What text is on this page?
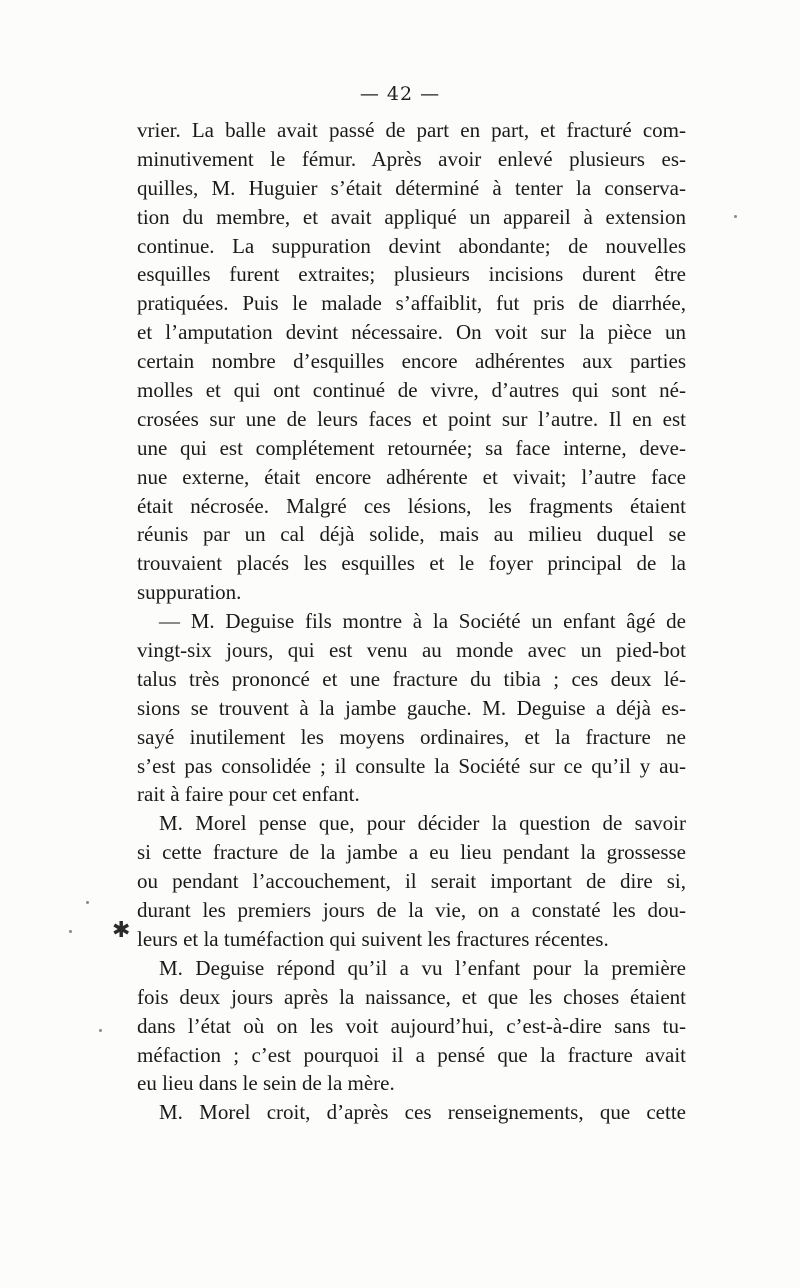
— 42 —
vrier. La balle avait passé de part en part, et fracturé com-
minutivement le fémur. Après avoir enlevé plusieurs es-
quilles, M. Huguier s’était déterminé à tenter la conserva-
tion du membre, et avait appliqué un appareil à extension
continue. La suppuration devint abondante; de nouvelles
esquilles furent extraites; plusieurs incisions durent être
pratiquées. Puis le malade s’affaiblit, fut pris de diarrhée,
et l’amputation devint nécessaire. On voit sur la pièce un
certain nombre d’esquilles encore adhérentes aux parties
molles et qui ont continué de vivre, d’autres qui sont né-
crosées sur une de leurs faces et point sur l’autre. Il en est
une qui est complétement retournée; sa face interne, deve-
nue externe, était encore adhérente et vivait; l’autre face
était nécrosée. Malgré ces lésions, les fragments étaient
réunis par un cal déjà solide, mais au milieu duquel se
trouvaient placés les esquilles et le foyer principal de la
suppuration.
— M. Deguise fils montre à la Société un enfant âgé de
vingt-six jours, qui est venu au monde avec un pied-bot
talus très prononcé et une fracture du tibia ; ces deux lé-
sions se trouvent à la jambe gauche. M. Deguise a déjà es-
sayé inutilement les moyens ordinaires, et la fracture ne
s’est pas consolidée ; il consulte la Société sur ce qu’il y au-
rait à faire pour cet enfant.
M. Morel pense que, pour décider la question de savoir
si cette fracture de la jambe a eu lieu pendant la grossesse
ou pendant l’accouchement, il serait important de dire si,
durant les premiers jours de la vie, on a constaté les dou-
leurs et la tuméfaction qui suivent les fractures récentes.
M. Deguise répond qu’il a vu l’enfant pour la première
fois deux jours après la naissance, et que les choses étaient
dans l’état où on les voit aujourd’hui, c’est-à-dire sans tu-
méfaction ; c’est pourquoi il a pensé que la fracture avait
eu lieu dans le sein de la mère.
M. Morel croit, d’après ces renseignements, que cette
✱
